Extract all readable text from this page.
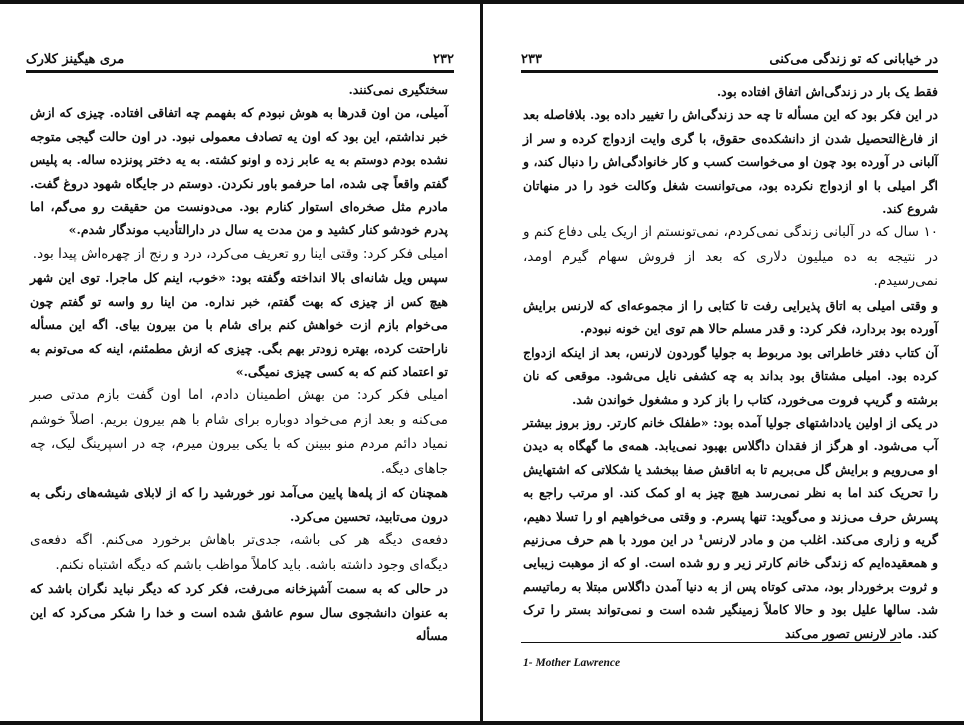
مری هیگینز کلارک	۲۳۲

سختگیری نمی‌کنند.

آمیلی، من اون قدرها به هوش نبودم که بفهمم چه اتفاقی افتاده. چیزی که ازش خبر نداشتم، این بود که اون یه تصادف معمولی نبود. در اون حالت گیجی متوجه نشده بودم دوستم به یه عابر زده و اونو کشته. به یه دختر پونزده ساله. به پلیس گفتم واقعاً چی شده، اما حرفمو باور نکردن. دوستم در جایگاه شهود دروغ گفت. مادرم مثل صخره‌ای استوار کنارم بود. می‌دونست من حقیقت رو می‌گم، اما پدرم خودشو کنار کشید و من مدت یه سال در دارالتأدیب موندگار شدم.»

امیلی فکر کرد: وقتی اینا رو تعریف می‌کرد، درد و رنج از چهره‌اش پیدا بود.

سپس ویل شانه‌ای بالا انداخته وگفته بود: «خوب، اینم کل ماجرا. توی این شهر هیچ کس از چیزی که بهت گفتم، خبر نداره. من اینا رو واسه تو گفتم چون می‌خوام بازم ازت خواهش کنم برای شام با من بیرون بیای. اگه این مسأله ناراحتت کرده، بهتره زودتر بهم بگی. چیزی که ازش مطمئنم، اینه که می‌تونم به تو اعتماد کنم که به کسی چیزی نمیگی.»

امیلی فکر کرد: من بهش اطمینان دادم، اما اون گفت بازم مدتی صبر می‌کنه و بعد ازم می‌خواد دوباره برای شام با هم بیرون بریم. اصلاً خوشم نمیاد دائم مردم منو ببینن که با یکی بیرون میرم، چه در اسپرینگ لیک، چه جاهای دیگه.

همچنان که از پله‌ها پایین می‌آمد نور خورشید را که از لابلای شیشه‌های رنگی به درون می‌تابید، تحسین می‌کرد.

دفعه‌ی دیگه هر کی باشه، جدی‌تر باهاش برخورد می‌کنم. اگه دفعه‌ی دیگه‌ای وجود داشته باشه. باید کاملاً مواظب باشم که دیگه اشتباه نکنم.

در حالی که به سمت آشپزخانه می‌رفت، فکر کرد که دیگر نباید نگران باشد که به عنوان دانشجوی سال سوم عاشق شده است و خدا را شکر می‌کرد که این مسأله

در خیابانی که تو زندگی می‌کنی
۲۳۳

فقط یک بار در زندگی‌اش اتفاق افتاده بود.

در این فکر بود که این مسأله تا چه حد زندگی‌اش را تغییر داده بود. بلافاصله بعد از فارغ‌التحصیل شدن از دانشکده‌ی حقوق، با گری وایت ازدواج کرده و سر از آلبانی در آورده بود چون او می‌خواست کسب و کار خانوادگی‌اش را دنبال کند، و اگر امیلی با او ازدواج نکرده بود، می‌توانست شغل وکالت خود را در منهاتان شروع کند.

۱۰ سال که در آلبانی زندگی نمی‌کردم، نمی‌تونستم از اریک یلی دفاع کنم و در نتیجه به ده میلیون دلاری که بعد از فروش سهام گیرم اومد، نمی‌رسیدم.

و وقتی امیلی به اتاق پذیرایی رفت تا کتابی را از مجموعه‌ای که لارنس برایش آورده بود بردارد، فکر کرد: و قدر مسلم حالا هم توی این خونه نبودم.

آن کتاب دفتر خاطراتی بود مربوط به جولیا گوردون لارنس، بعد از اینکه ازدواج کرده بود. امیلی مشتاق بود بداند به چه کشفی نایل می‌شود. موقعی که نان برشته و گریپ فروت می‌خورد، کتاب را باز کرد و مشغول خواندن شد.

در یکی از اولین یادداشتهای جولیا آمده بود: «طفلک خانم کارتر. روز بروز بیشتر آب می‌شود. او هرگز از فقدان داگلاس بهبود نمی‌یابد. همه‌ی ما گهگاه به دیدن او می‌رویم و برایش گل می‌بریم تا به اتاقش صفا ببخشد یا شکلاتی که اشتهایش را تحریک کند اما به نظر نمی‌رسد هیچ چیز به او کمک کند. او مرتب راجع به پسرش حرف می‌زند و می‌گوید: تنها پسرم. و وقتی می‌خواهیم او را تسلا دهیم، گریه و زاری می‌کند. اغلب من و مادر لارنس¹ در این مورد با هم حرف می‌زنیم و همعقیده‌ایم که زندگی خانم کارتر زیر و رو شده است. او که از موهبت زیبایی و ثروت برخوردار بود، مدتی کوتاه پس از به دنیا آمدن داگلاس مبتلا به رماتیسم شد. سالها علیل بود و حالا کاملاً زمینگیر شده است و نمی‌تواند بستر را ترک کند. مادر لارنس تصور می‌کند

1- Mother Lawrence
